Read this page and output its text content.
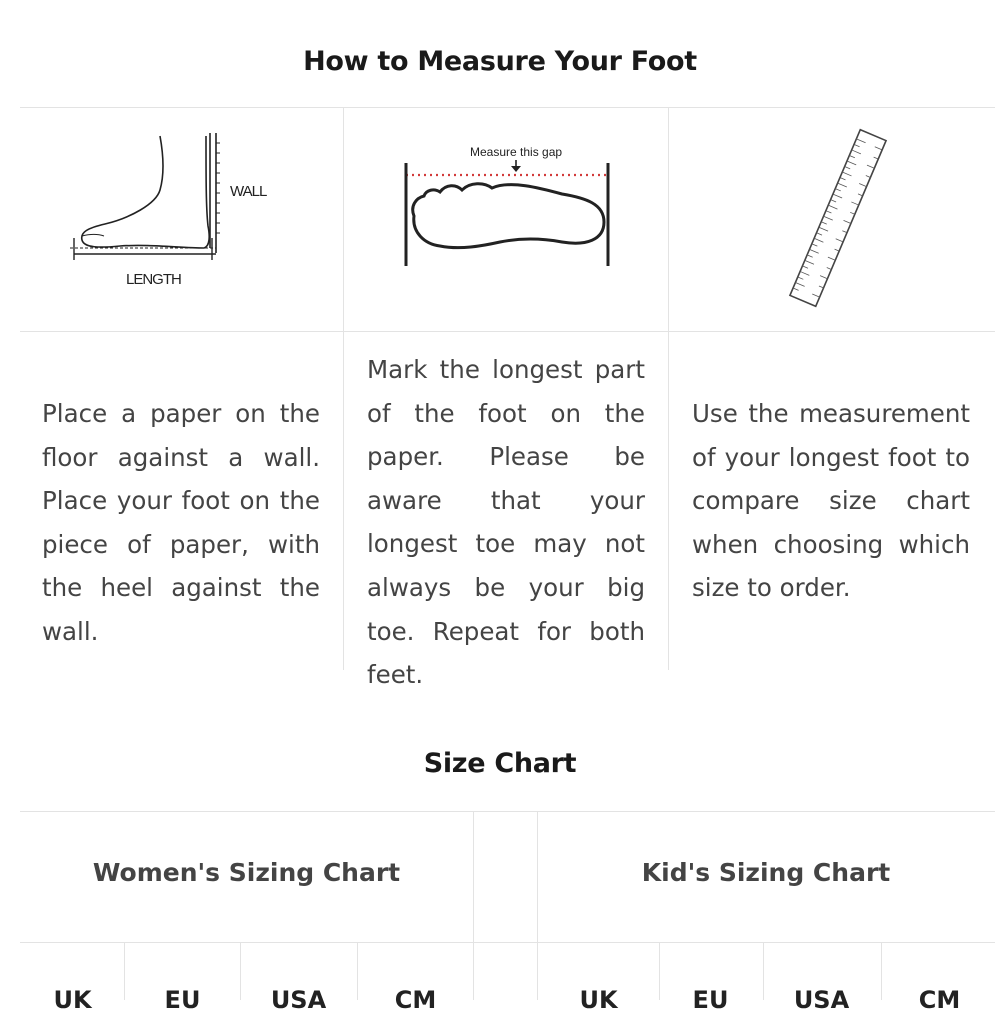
How to Measure Your Foot
WALL
LENGTH
Measure this gap
Place a paper on the floor against a wall. Place your foot on the piece of paper, with the heel against the wall.
Mark the longest part of the foot on the paper. Please be aware that your longest toe may not always be your big toe. Repeat for both feet.
Use the measurement of your longest foot to compare size chart when choosing which size to order.
Size Chart
Women's Sizing Chart	Kid's Sizing Chart
UK	EU	USA	CM	UK	EU	USA	CM
